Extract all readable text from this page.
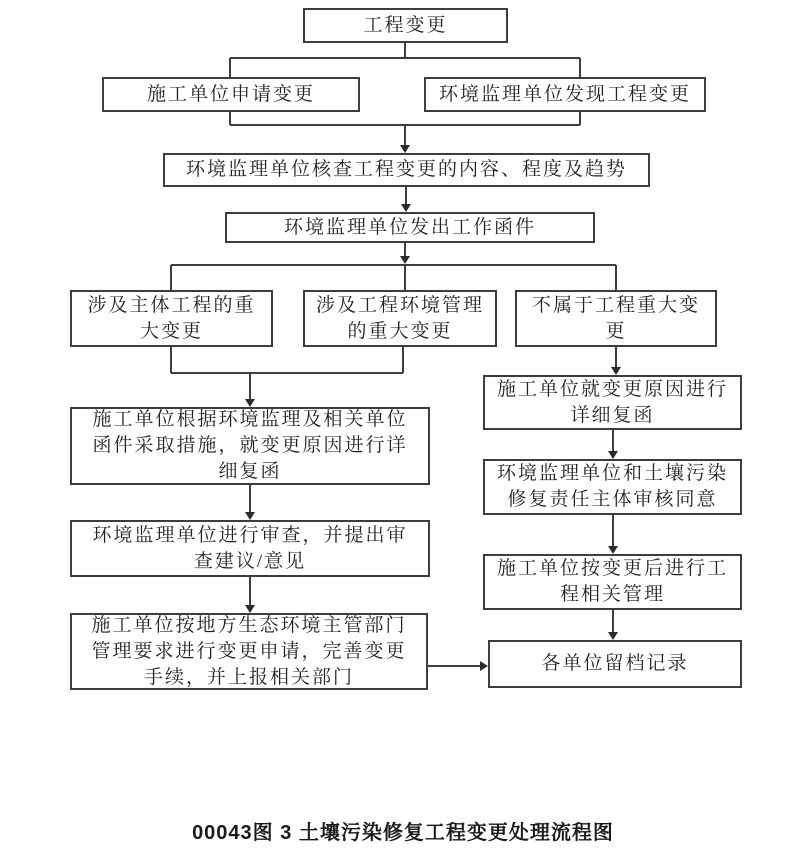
工程变更
施工单位申请变更	环境监理单位发现工程变更
环境监理单位核查工程变更的内容、程度及趋势
环境监理单位发出工作函件
涉及主体工程的重大变更
涉及工程环境管理的重大变更
不属于工程重大变更
施工单位根据环境监理及相关单位函件采取措施，就变更原因进行详细复函
环境监理单位进行审查，并提出审查建议/意见
施工单位按地方生态环境主管部门管理要求进行变更申请，完善变更手续，并上报相关部门
施工单位就变更原因进行详细复函
环境监理单位和土壤污染修复责任主体审核同意
施工单位按变更后进行工程相关管理
各单位留档记录
00043图 3 土壤污染修复工程变更处理流程图
